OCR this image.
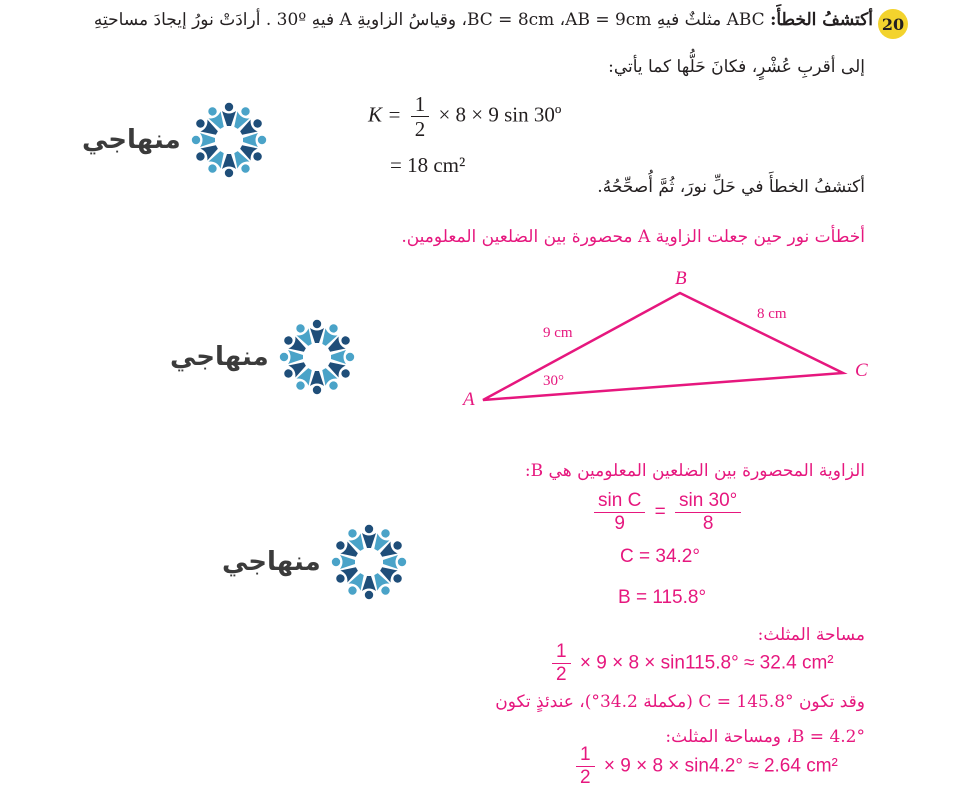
20
أكتشفُ الخطأَ: ABC مثلثٌ فيهِ BC = 8cm ،AB = 9cm، وقياسُ الزاويةِ A فيهِ 30º . أرادَتْ نورُ إيجادَ مساحتِهِ
إلى أقربِ عُشْرٍ، فكانَ حَلُّها كما يأتي:
$K = \frac{1}{2} \times 8 \times 9$ sin 30º
= 18 cm²
أكتشفُ الخطأَ في حَلِّ نورَ، ثُمَّ أُصحِّحُهُ.
أخطأت نور حين جعلت الزاوية A محصورة بين الضلعين المعلومين.
A
B
C
9 cm
8 cm
30°
الزاوية المحصورة بين الضلعين المعلومين هي B:
$\frac{\text{sin C}}{9} = \frac{\sin 30^\circ}{8}$
C = 34.2°
B = 115.8°
مساحة المثلث:
$\frac{1}{2} \times 9 \times 8 \times \sin 115.8^\circ \approx 32.4$ cm²
وقد تكون C = 145.8° (مكملة 34.2°)، عندئذٍ تكون
B = 4.2°، ومساحة المثلث:
$\frac{1}{2} \times 9 \times 8 \times \sin 4.2^\circ \approx 2.64$ cm²
منهاجي
منهاجي
منهاجي
